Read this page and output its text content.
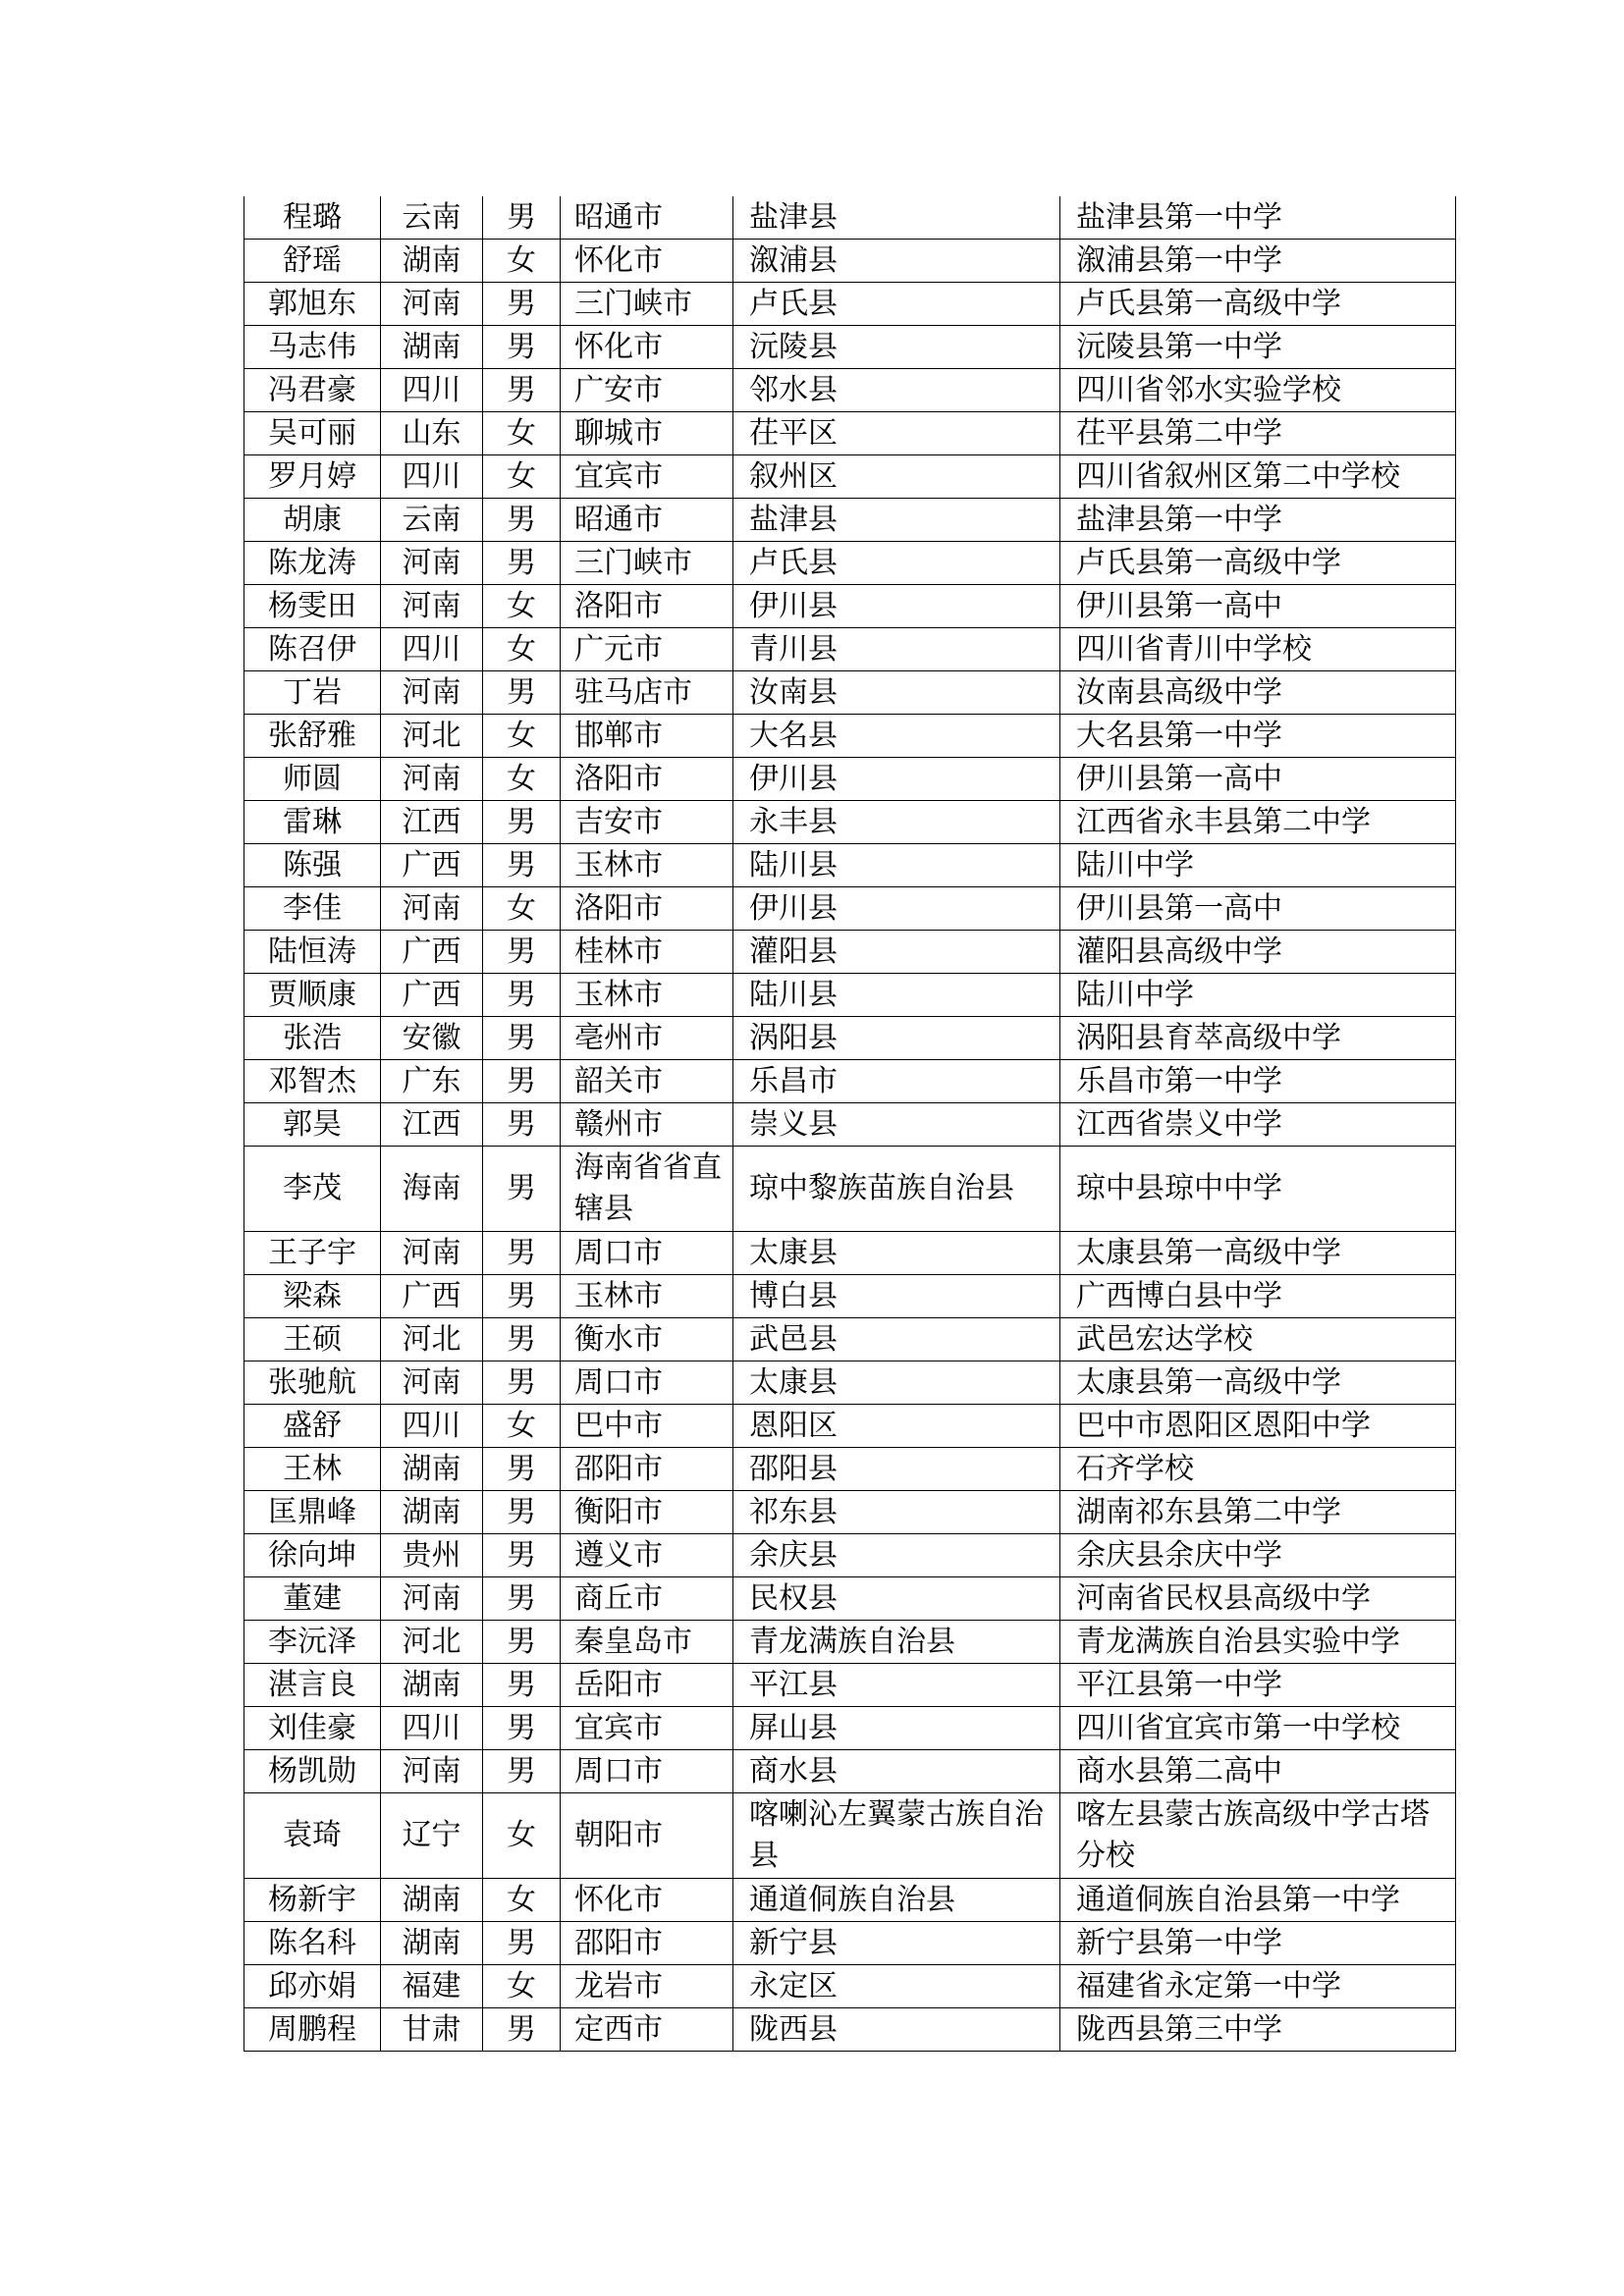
程璐	云南	男	昭通市	盐津县	盐津县第一中学
舒瑶	湖南	女	怀化市	溆浦县	溆浦县第一中学
郭旭东	河南	男	三门峡市	卢氏县	卢氏县第一高级中学
马志伟	湖南	男	怀化市	沅陵县	沅陵县第一中学
冯君豪	四川	男	广安市	邻水县	四川省邻水实验学校
吴可丽	山东	女	聊城市	茌平区	茌平县第二中学
罗月婷	四川	女	宜宾市	叙州区	四川省叙州区第二中学校
胡康	云南	男	昭通市	盐津县	盐津县第一中学
陈龙涛	河南	男	三门峡市	卢氏县	卢氏县第一高级中学
杨雯田	河南	女	洛阳市	伊川县	伊川县第一高中
陈召伊	四川	女	广元市	青川县	四川省青川中学校
丁岩	河南	男	驻马店市	汝南县	汝南县高级中学
张舒雅	河北	女	邯郸市	大名县	大名县第一中学
师圆	河南	女	洛阳市	伊川县	伊川县第一高中
雷琳	江西	男	吉安市	永丰县	江西省永丰县第二中学
陈强	广西	男	玉林市	陆川县	陆川中学
李佳	河南	女	洛阳市	伊川县	伊川县第一高中
陆恒涛	广西	男	桂林市	灌阳县	灌阳县高级中学
贾顺康	广西	男	玉林市	陆川县	陆川中学
张浩	安徽	男	亳州市	涡阳县	涡阳县育萃高级中学
邓智杰	广东	男	韶关市	乐昌市	乐昌市第一中学
郭昊	江西	男	赣州市	崇义县	江西省崇义中学
李茂	海南	男	海南省省直辖县	琼中黎族苗族自治县	琼中县琼中中学
王子宇	河南	男	周口市	太康县	太康县第一高级中学
梁森	广西	男	玉林市	博白县	广西博白县中学
王硕	河北	男	衡水市	武邑县	武邑宏达学校
张驰航	河南	男	周口市	太康县	太康县第一高级中学
盛舒	四川	女	巴中市	恩阳区	巴中市恩阳区恩阳中学
王林	湖南	男	邵阳市	邵阳县	石齐学校
匡鼎峰	湖南	男	衡阳市	祁东县	湖南祁东县第二中学
徐向坤	贵州	男	遵义市	余庆县	余庆县余庆中学
董建	河南	男	商丘市	民权县	河南省民权县高级中学
李沅泽	河北	男	秦皇岛市	青龙满族自治县	青龙满族自治县实验中学
湛言良	湖南	男	岳阳市	平江县	平江县第一中学
刘佳豪	四川	男	宜宾市	屏山县	四川省宜宾市第一中学校
杨凯勋	河南	男	周口市	商水县	商水县第二高中
袁琦	辽宁	女	朝阳市	喀喇沁左翼蒙古族自治县	喀左县蒙古族高级中学古塔分校
杨新宇	湖南	女	怀化市	通道侗族自治县	通道侗族自治县第一中学
陈名科	湖南	男	邵阳市	新宁县	新宁县第一中学
邱亦娟	福建	女	龙岩市	永定区	福建省永定第一中学
周鹏程	甘肃	男	定西市	陇西县	陇西县第三中学
